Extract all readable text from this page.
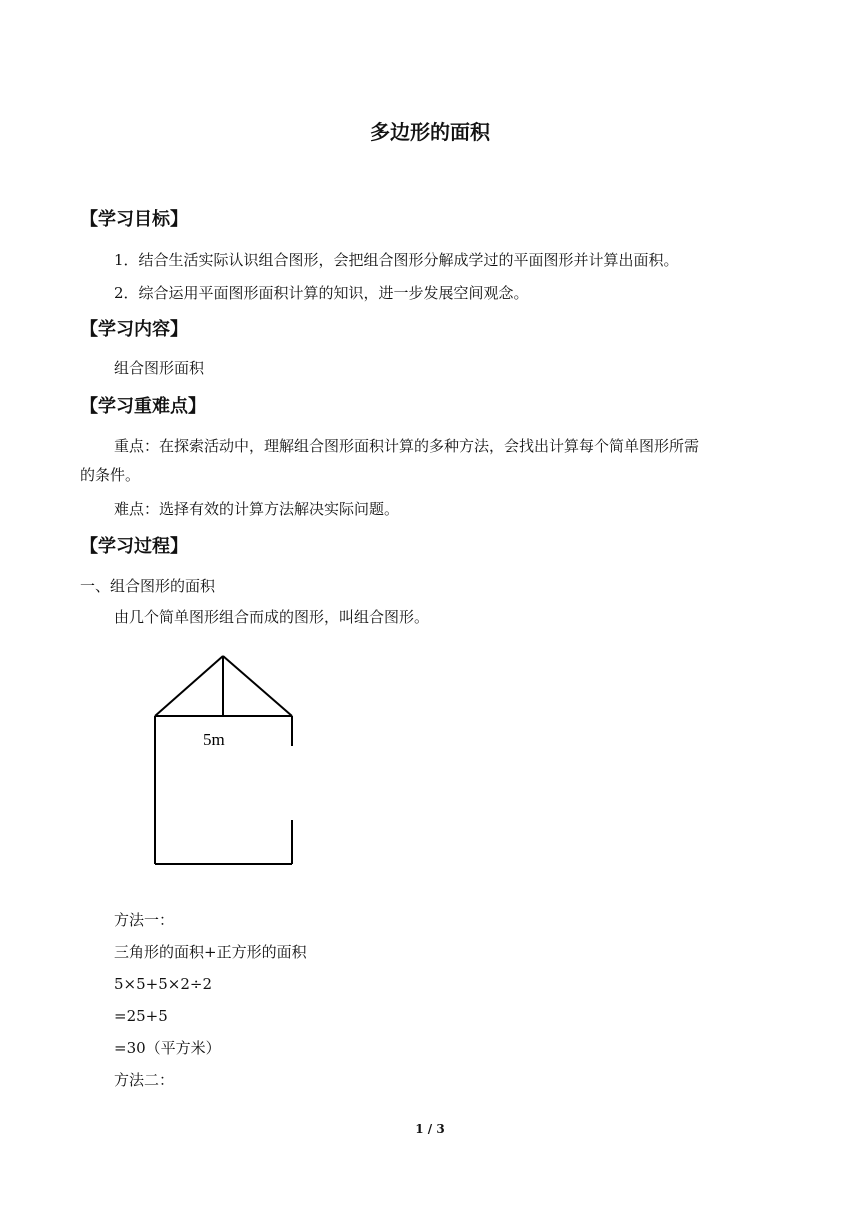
多边形的面积
【学习目标】
1．结合生活实际认识组合图形，会把组合图形分解成学过的平面图形并计算出面积。
2．综合运用平面图形面积计算的知识，进一步发展空间观念。
【学习内容】
组合图形面积
【学习重难点】
重点：在探索活动中，理解组合图形面积计算的多种方法，会找出计算每个简单图形所需
的条件。
难点：选择有效的计算方法解决实际问题。
【学习过程】
一、组合图形的面积
由几个简单图形组合而成的图形，叫组合图形。
5m
方法一：
三角形的面积+正方形的面积
5×5+5×2÷2
=25+5
=30（平方米）
方法二：
1 / 3
